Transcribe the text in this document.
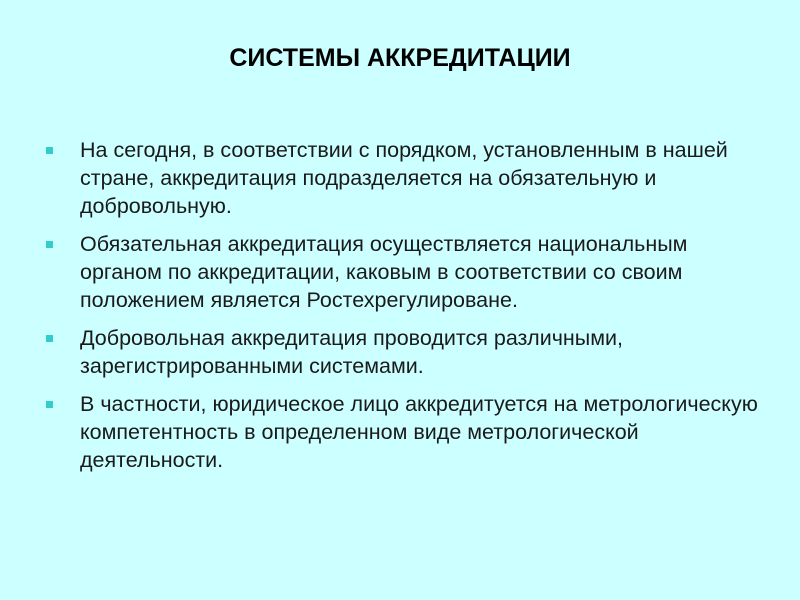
СИСТЕМЫ АККРЕДИТАЦИИ
На сегодня, в соответствии с порядком, установленным в нашей стране, аккредитация подразделяется на обязательную и добровольную.
Обязательная аккредитация осуществляется национальным органом по аккредитации, каковым в соответствии со своим положением является Ростехрегулироване.
Добровольная аккредитация проводится различными, зарегистрированными системами.
В частности, юридическое лицо аккредитуется на метрологическую компетентность в определенном виде метрологической деятельности.
